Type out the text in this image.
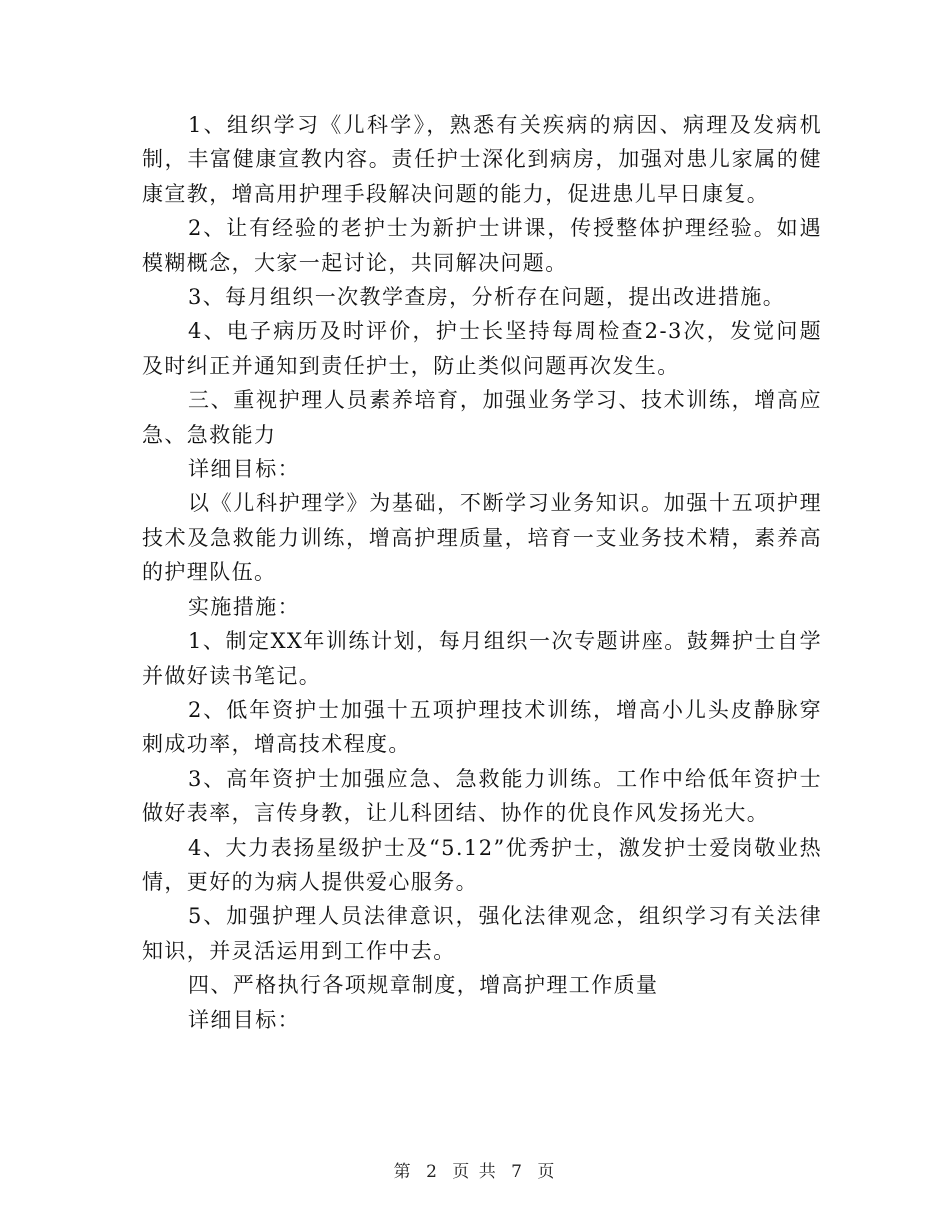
1、组织学习《儿科学》，熟悉有关疾病的病因、病理及发病机制，丰富健康宣教内容。责任护士深化到病房，加强对患儿家属的健康宣教，增高用护理手段解决问题的能力，促进患儿早日康复。

2、让有经验的老护士为新护士讲课，传授整体护理经验。如遇模糊概念，大家一起讨论，共同解决问题。

3、每月组织一次教学查房，分析存在问题，提出改进措施。

4、电子病历及时评价，护士长坚持每周检查2-3次，发觉问题及时纠正并通知到责任护士，防止类似问题再次发生。

三、重视护理人员素养培育，加强业务学习、技术训练，增高应急、急救能力

详细目标：

以《儿科护理学》为基础，不断学习业务知识。加强十五项护理技术及急救能力训练，增高护理质量，培育一支业务技术精，素养高的护理队伍。

实施措施：

1、制定XX年训练计划，每月组织一次专题讲座。鼓舞护士自学并做好读书笔记。

2、低年资护士加强十五项护理技术训练，增高小儿头皮静脉穿刺成功率，增高技术程度。

3、高年资护士加强应急、急救能力训练。工作中给低年资护士做好表率，言传身教，让儿科团结、协作的优良作风发扬光大。

4、大力表扬星级护士及“5.12”优秀护士，激发护士爱岗敬业热情，更好的为病人提供爱心服务。

5、加强护理人员法律意识，强化法律观念，组织学习有关法律知识，并灵活运用到工作中去。

四、严格执行各项规章制度，增高护理工作质量

详细目标：

第 2 页 共 7 页
